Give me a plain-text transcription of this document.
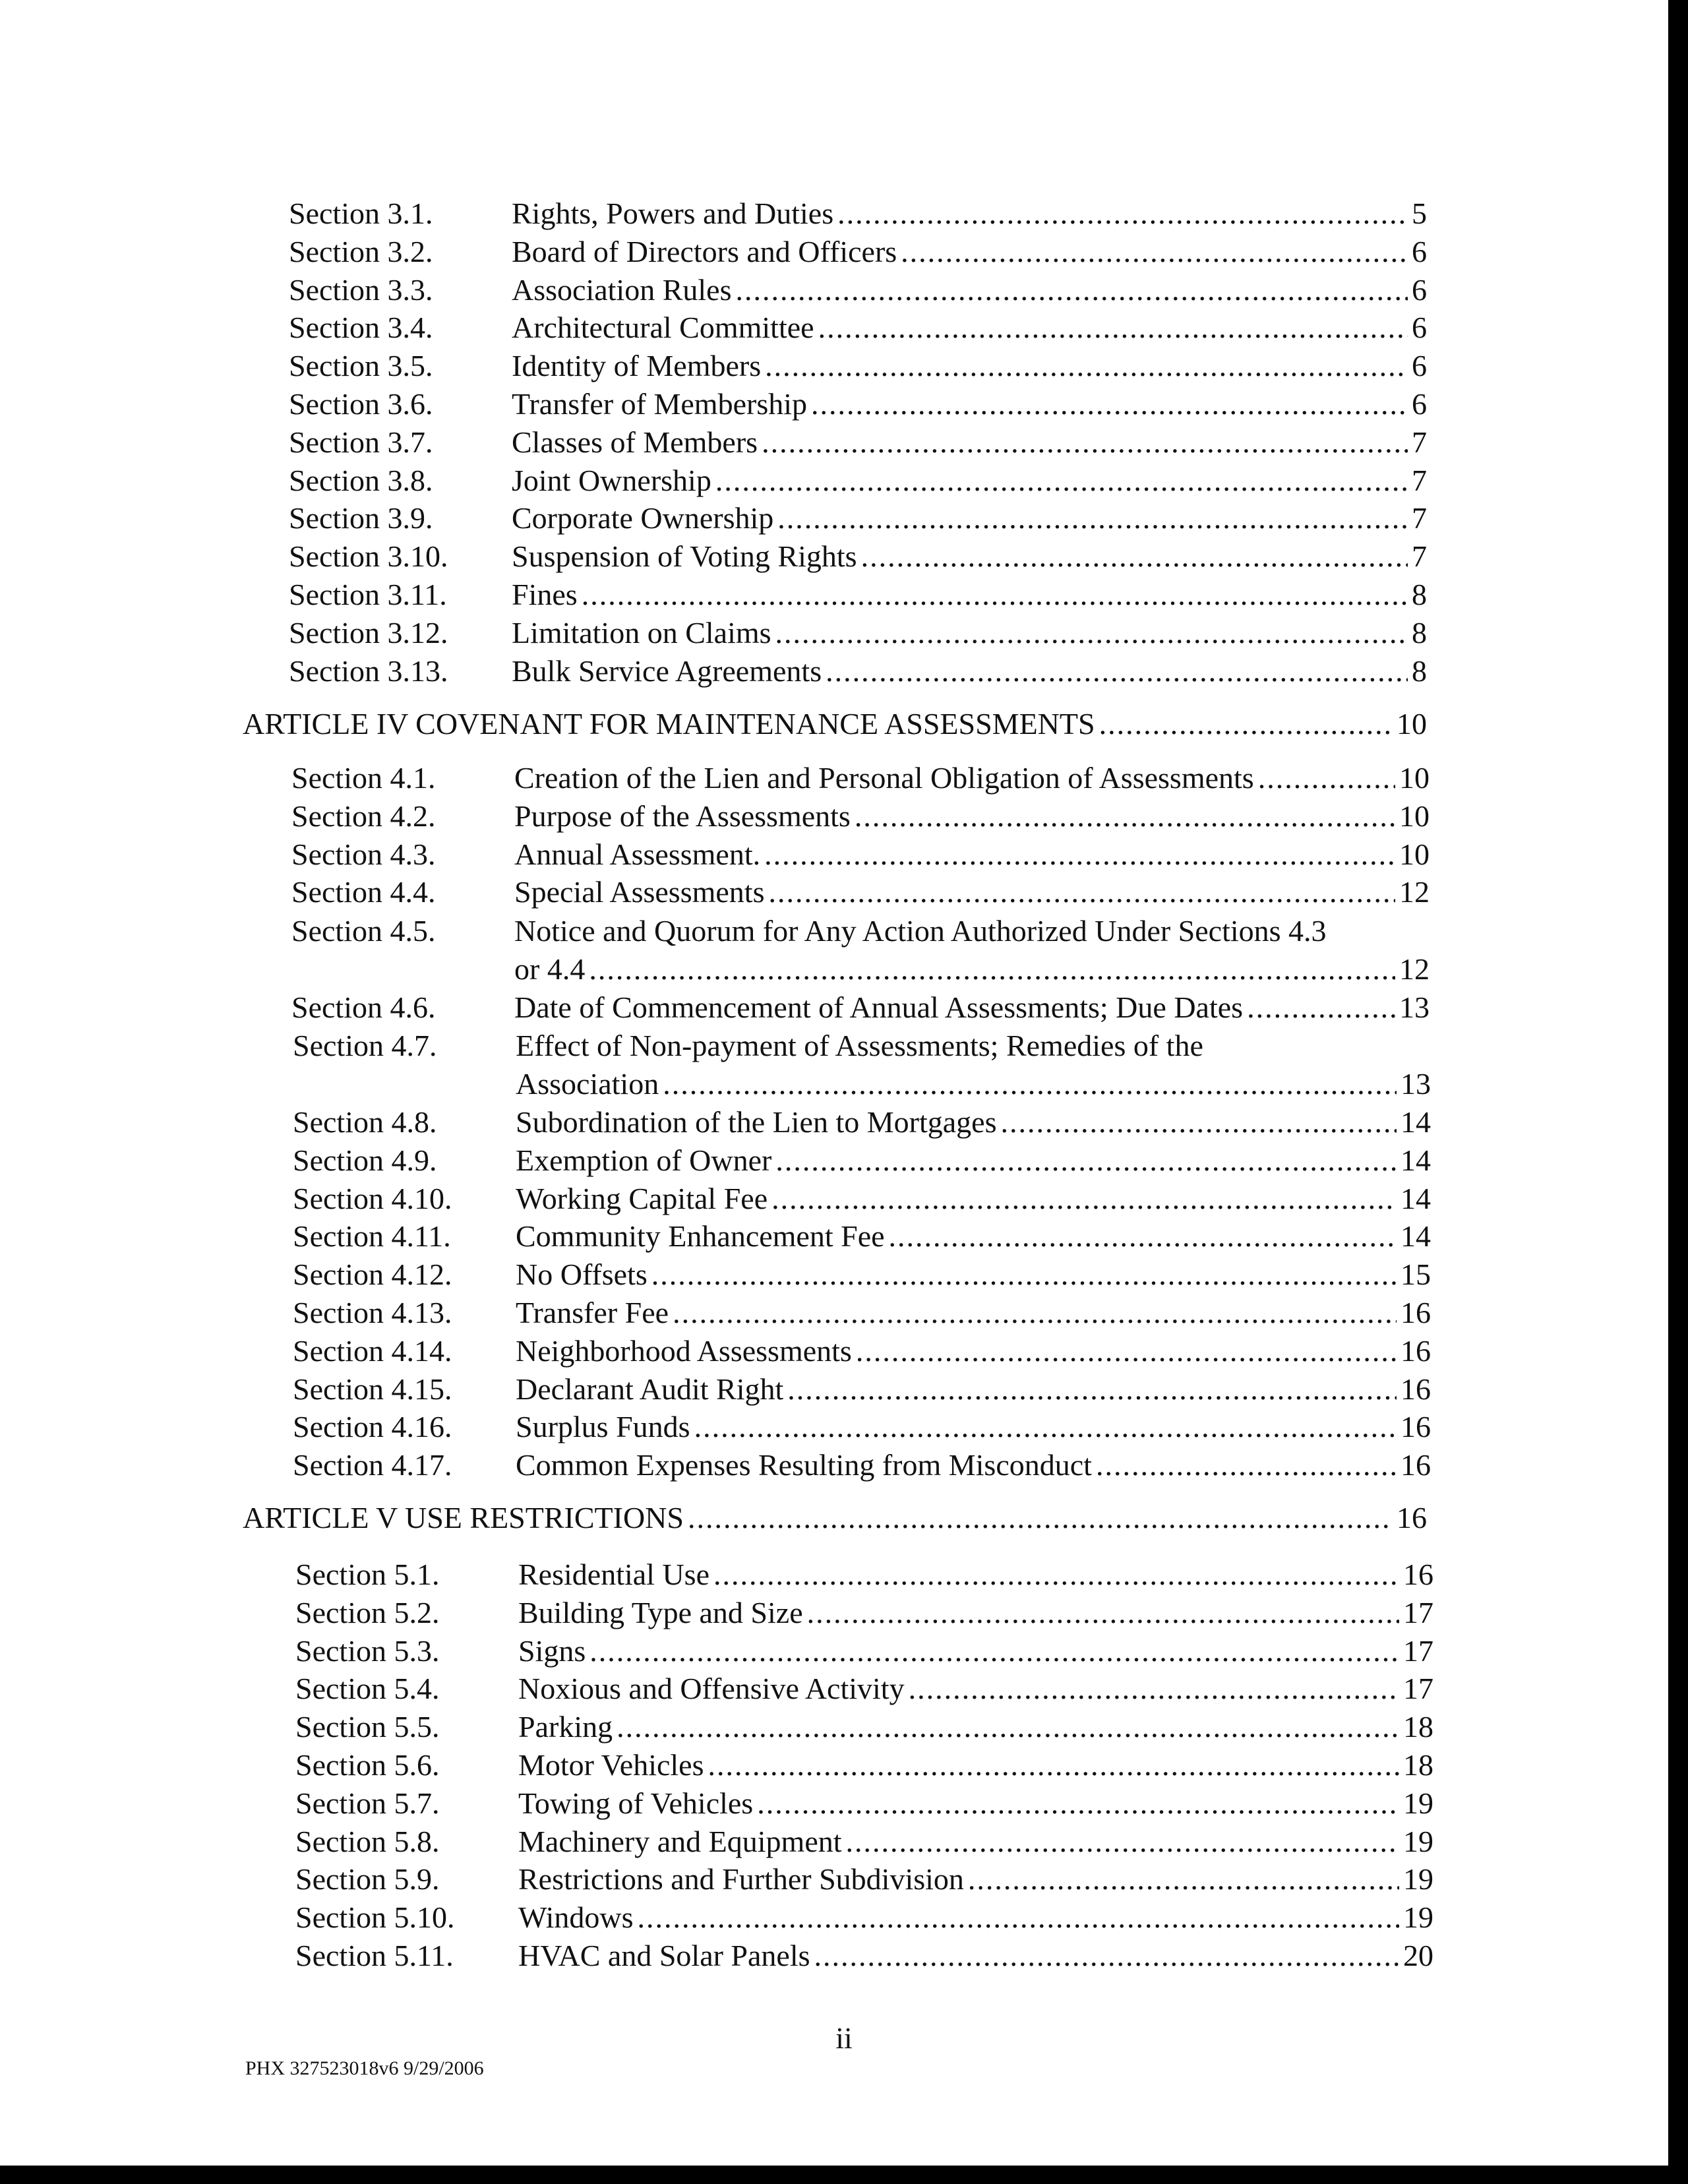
Section 3.1.	Rights, Powers and Duties .....	5
Section 3.2.	Board of Directors and Officers .....	6
Section 3.3.	Association Rules .....	6
Section 3.4.	Architectural Committee .....	6
Section 3.5.	Identity of Members .....	6
Section 3.6.	Transfer of Membership .....	6
Section 3.7.	Classes of Members .....	7
Section 3.8.	Joint Ownership .....	7
Section 3.9.	Corporate Ownership .....	7
Section 3.10. Suspension of Voting Rights .....	7
Section 3.11. Fines .....	8
Section 3.12. Limitation on Claims .....	8
Section 3.13. Bulk Service Agreements .....	8
ARTICLE IV COVENANT FOR MAINTENANCE ASSESSMENTS .....	10
Section 4.1.	Creation of the Lien and Personal Obligation of Assessments .....	10
Section 4.2.	Purpose of the Assessments .....	10
Section 4.3.	Annual Assessment. .....	10
Section 4.4.	Special Assessments .....	12
Section 4.5.	Notice and Quorum for Any Action Authorized Under Sections 4.3
or 4.4 .....	12
Section 4.6.	Date of Commencement of Annual Assessments; Due Dates .....	13
Section 4.7.	Effect of Non-payment of Assessments; Remedies of the
Association .....	13
Section 4.8.	Subordination of the Lien to Mortgages .....	14
Section 4.9.	Exemption of Owner .....	14
Section 4.10. Working Capital Fee .....	14
Section 4.11. Community Enhancement Fee .....	14
Section 4.12. No Offsets .....	15
Section 4.13. Transfer Fee .....	16
Section 4.14. Neighborhood Assessments .....	16
Section 4.15. Declarant Audit Right .....	16
Section 4.16. Surplus Funds .....	16
Section 4.17. Common Expenses Resulting from Misconduct .....	16
ARTICLE V USE RESTRICTIONS .....	16
Section 5.1.	Residential Use .....	16
Section 5.2.	Building Type and Size .....	17
Section 5.3.	Signs .....	17
Section 5.4.	Noxious and Offensive Activity .....	17
Section 5.5.	Parking .....	18
Section 5.6.	Motor Vehicles .....	18
Section 5.7.	Towing of Vehicles .....	19
Section 5.8.	Machinery and Equipment .....	19
Section 5.9.	Restrictions and Further Subdivision .....	19
Section 5.10. Windows .....	19
Section 5.11. HVAC and Solar Panels .....	20
ii
PHX 327523018v6 9/29/2006
